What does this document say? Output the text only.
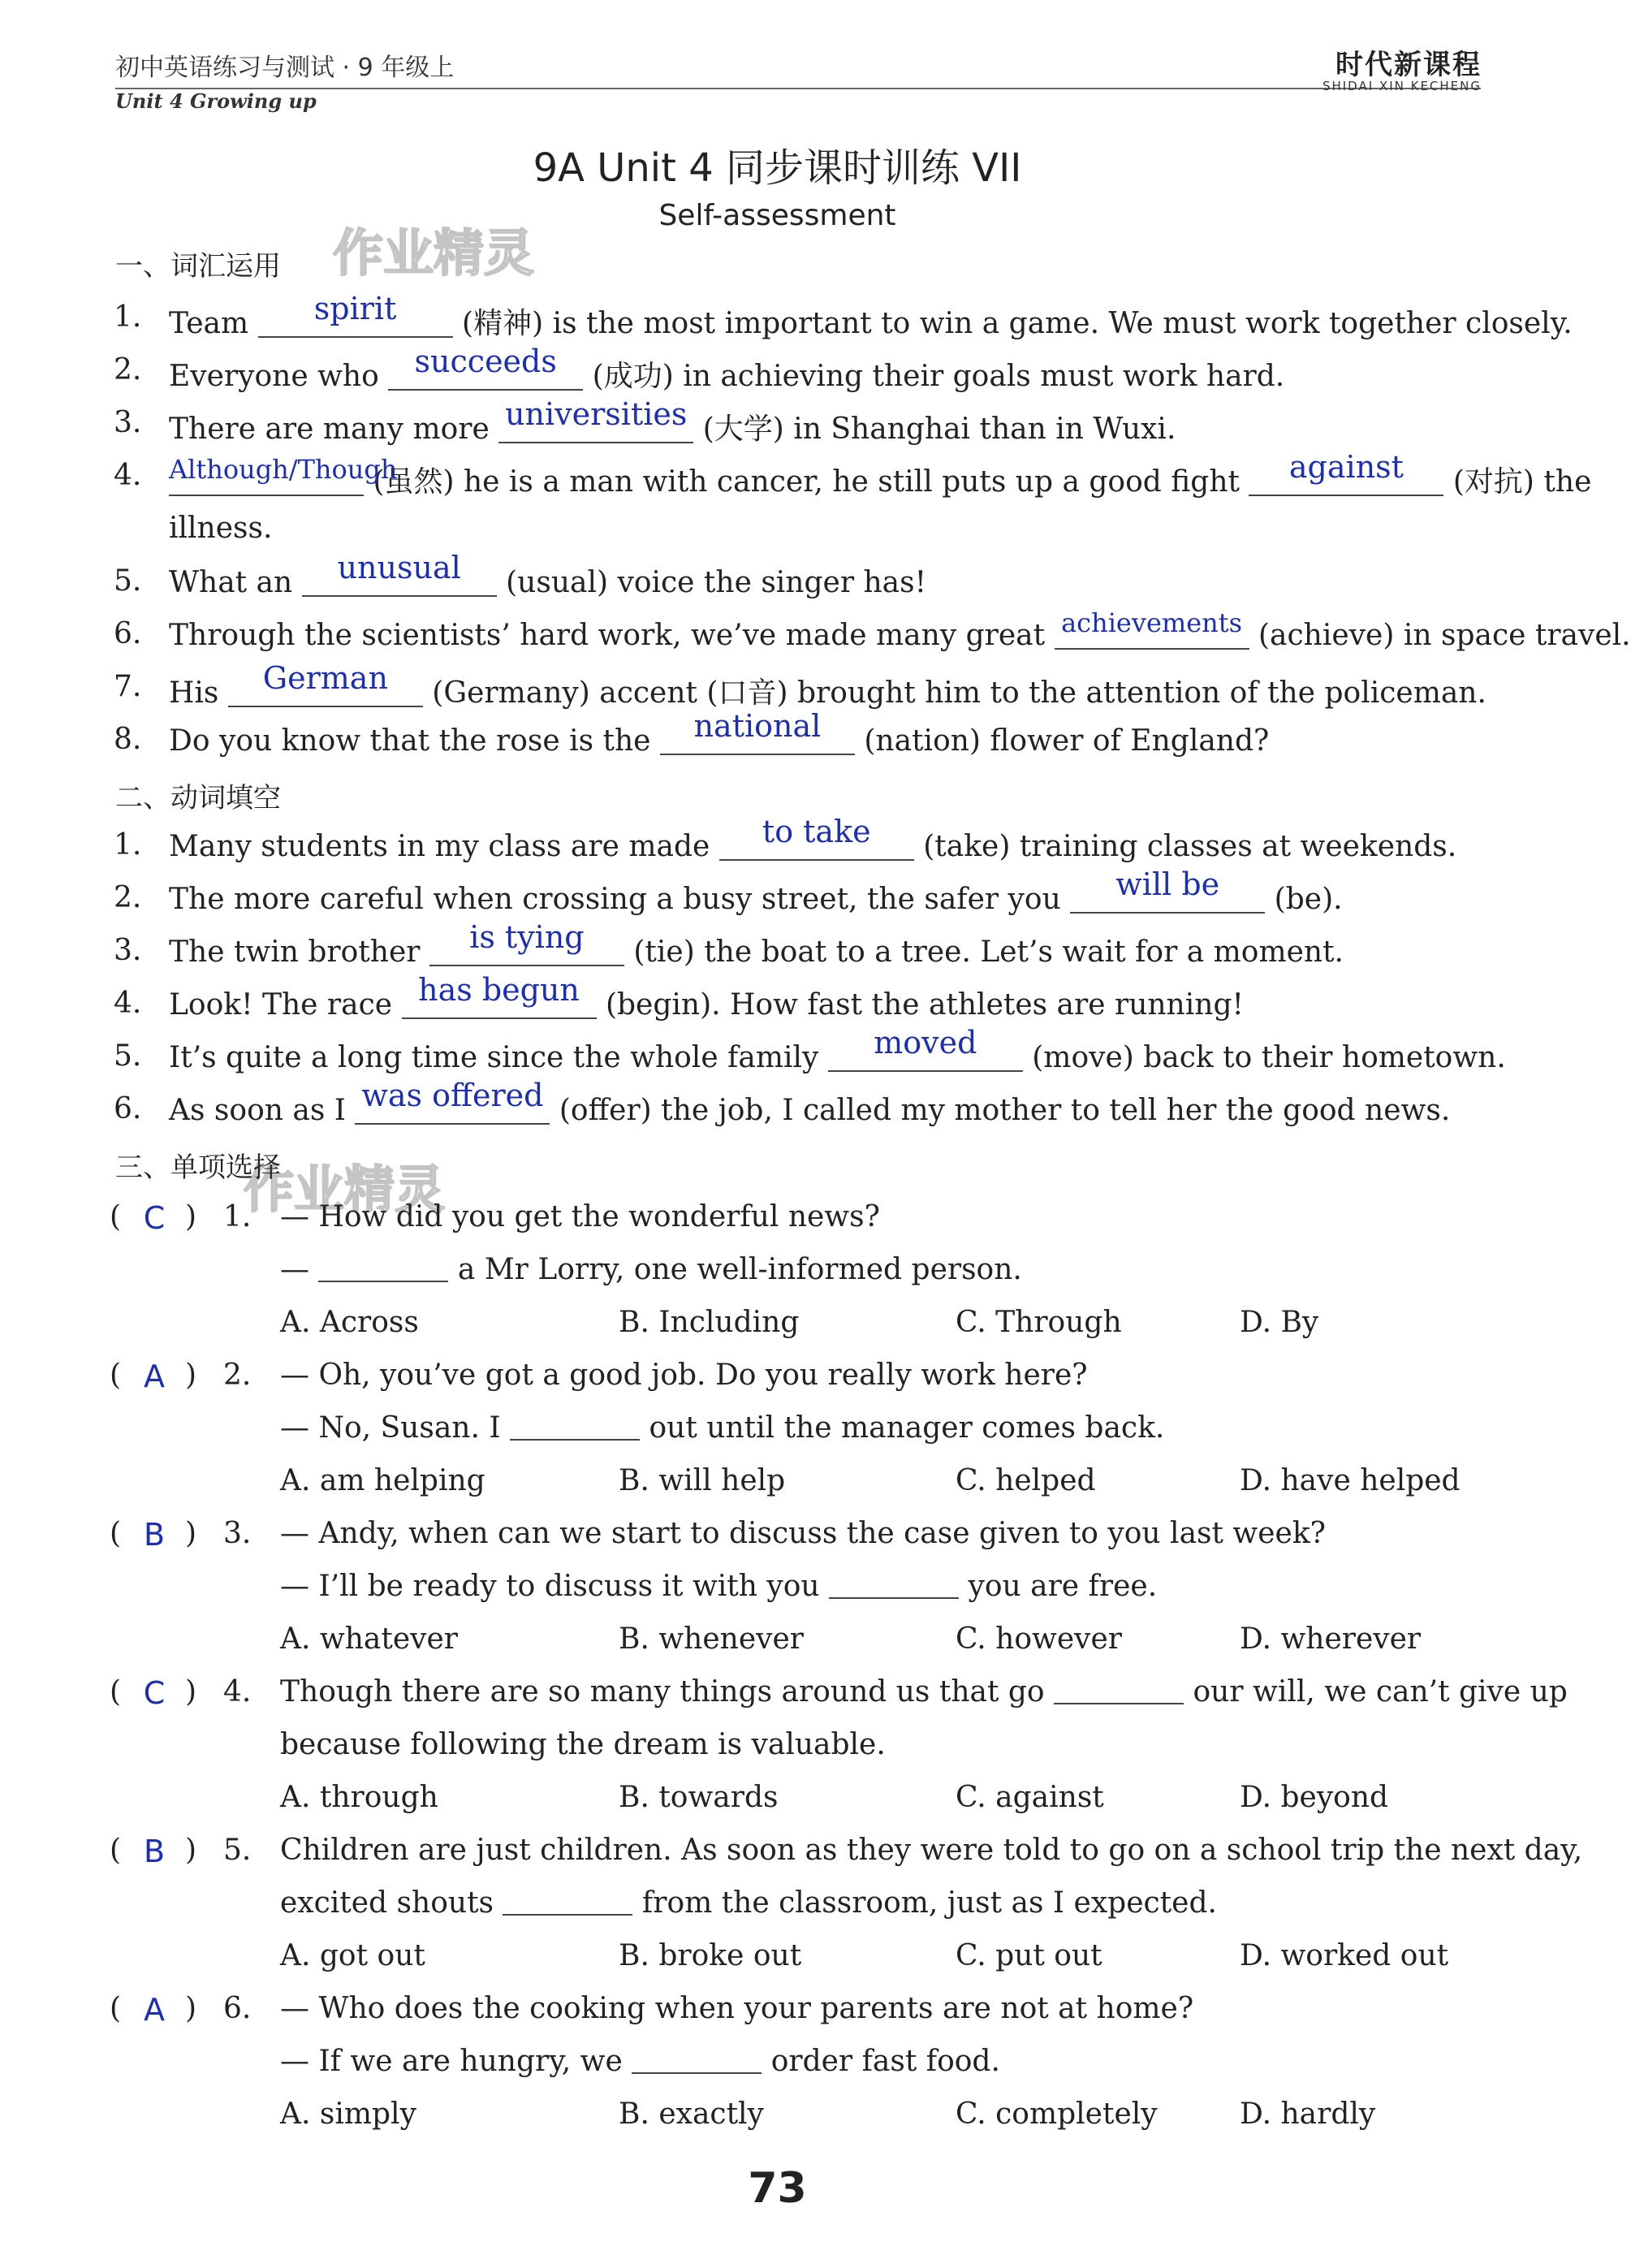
初中英语练习与测试 · 9 年级上
Unit 4 Growing up
时代新课程
SHIDAI XIN KECHENG
9A Unit 4 同步课时训练 VII
Self-assessment
作业精灵
作业精灵
一、词汇运用
1. Team	spirit	(精神) is the most important to win a game. We must work together closely.
2. Everyone who	succeeds	(成功) in achieving their goals must work hard.
3. There are many more universities (大学) in Shanghai than in Wuxi.
4. Although/Though
(虽然) he is a man with cancer, he still puts up a good fight	against	(对抗) the
illness.
5. What an	unusual	(usual) voice the singer has!
6. Through the scientists’ hard work, we’ve made many great achievements (achieve) in space travel.
7. His	German	(Germany) accent (口音) brought him to the attention of the policeman.
8. Do you know that the rose is the	national	(nation) flower of England?
二、动词填空
1. Many students in my class are made	to take	(take) training classes at weekends.
2. The more careful when crossing a busy street, the safer you	will be	(be).
3. The twin brother	is tying	(tie) the boat to a tree. Let’s wait for a moment.
4. Look! The race has begun (begin). How fast the athletes are running!
5. It’s quite a long time since the whole family	moved	(move) back to their hometown.
6. As soon as I was offered (offer) the job, I called my mother to tell her the good news.
三、单项选择
( C ) 1. — How did you get the wonderful news?
—	a Mr Lorry, one well-informed person.
A. Across	B. Including	C. Through	D. By
( A ) 2. — Oh, you’ve got a good job. Do you really work here?
— No, Susan. I	out until the manager comes back.
A. am helping	B. will help	C. helped	D. have helped
( B ) 3. — Andy, when can we start to discuss the case given to you last week?
— I’ll be ready to discuss it with you	you are free.
A. whatever	B. whenever	C. however	D. wherever
( C ) 4. Though there are so many things around us that go	our will, we can’t give up
because following the dream is valuable.
A. through	B. towards	C. against	D. beyond
( B ) 5. Children are just children. As soon as they were told to go on a school trip the next day,
excited shouts	from the classroom, just as I expected.
A. got out	B. broke out	C. put out	D. worked out
( A ) 6. — Who does the cooking when your parents are not at home?
— If we are hungry, we	order fast food.
A. simply	B. exactly	C. completely	D. hardly
73
